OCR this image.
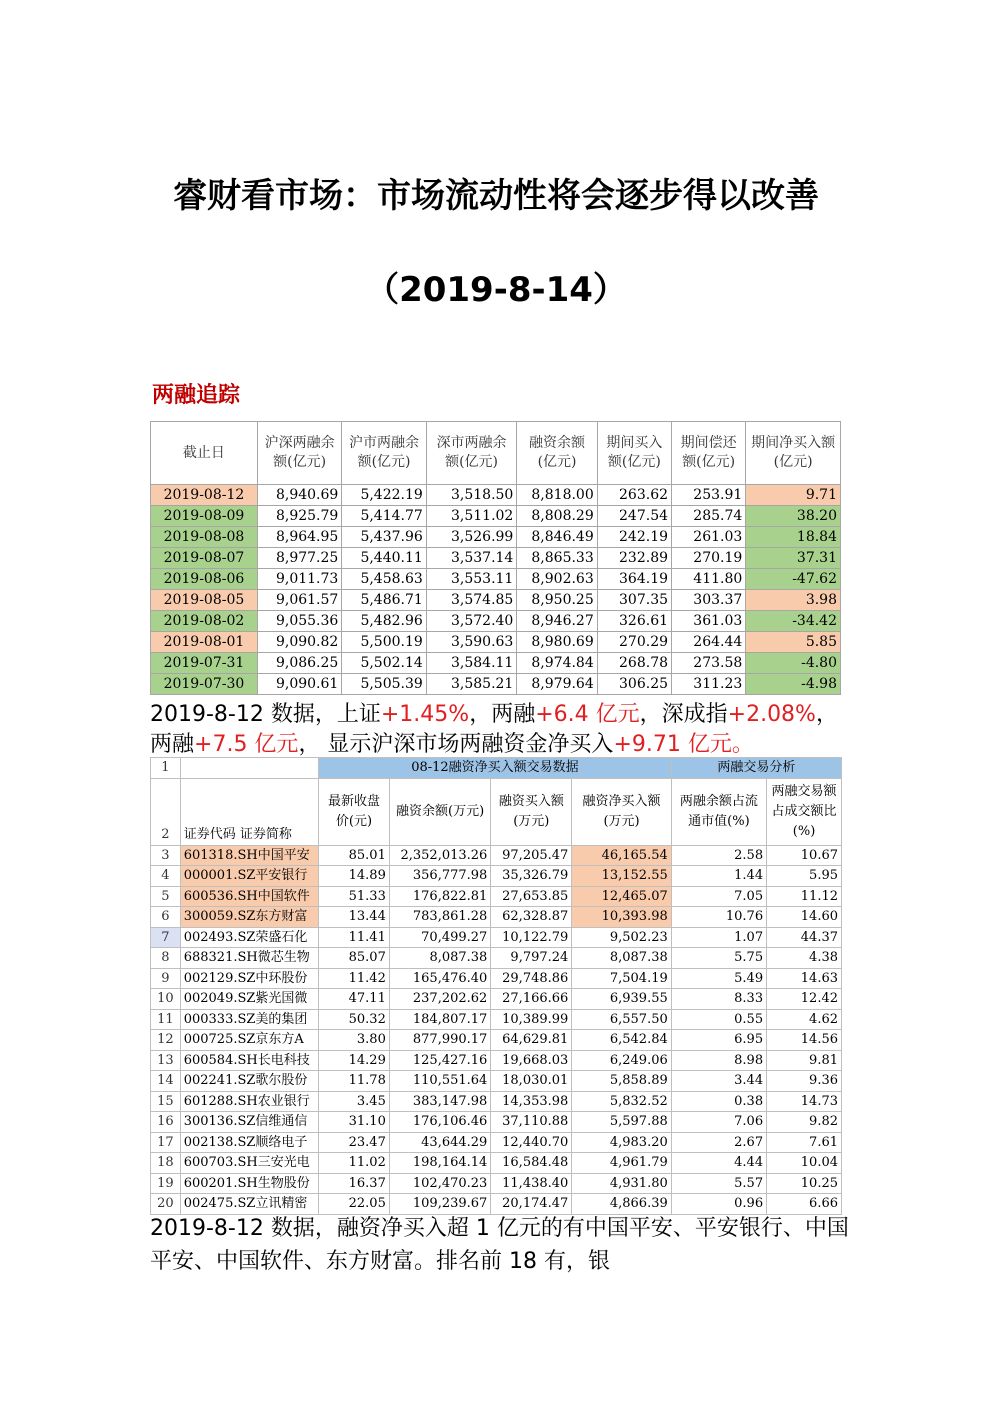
睿财看市场：市场流动性将会逐步得以改善
（2019-8-14）
两融追踪
截止日	沪深两融余额(亿元)	沪市两融余额(亿元)	深市两融余额(亿元)	融资余额(亿元)	期间买入额(亿元)	期间偿还额(亿元)	期间净买入额(亿元)
2019-08-12	8,940.69	5,422.19	3,518.50	8,818.00	263.62	253.91	9.71
2019-08-09	8,925.79	5,414.77	3,511.02	8,808.29	247.54	285.74	38.20
2019-08-08	8,964.95	5,437.96	3,526.99	8,846.49	242.19	261.03	18.84
2019-08-07	8,977.25	5,440.11	3,537.14	8,865.33	232.89	270.19	37.31
2019-08-06	9,011.73	5,458.63	3,553.11	8,902.63	364.19	411.80	-47.62
2019-08-05	9,061.57	5,486.71	3,574.85	8,950.25	307.35	303.37	3.98
2019-08-02	9,055.36	5,482.96	3,572.40	8,946.27	326.61	361.03	-34.42
2019-08-01	9,090.82	5,500.19	3,590.63	8,980.69	270.29	264.44	5.85
2019-07-31	9,086.25	5,502.14	3,584.11	8,974.84	268.78	273.58	-4.80
2019-07-30	9,090.61	5,505.39	3,585.21	8,979.64	306.25	311.23	-4.98
2019-8-12 数据，上证+1.45%，两融+6.4 亿元，深成指+2.08%，
两融+7.5 亿元， 显示沪深市场两融资金净买入+9.71 亿元。
1		08-12融资净买入额交易数据				两融交易分析	
2	证券代码 证券简称	最新收盘价(元)	融资余额(万元)	融资买入额(万元)	融资净买入额(万元)	两融余额占流通市值(%)	两融交易额占成交额比(%)
3	601318.SH中国平安	85.01	2,352,013.26	97,205.47	46,165.54	2.58	10.67
4	000001.SZ平安银行	14.89	356,777.98	35,326.79	13,152.55	1.44	5.95
5	600536.SH中国软件	51.33	176,822.81	27,653.85	12,465.07	7.05	11.12
6	300059.SZ东方财富	13.44	783,861.28	62,328.87	10,393.98	10.76	14.60
7	002493.SZ荣盛石化	11.41	70,499.27	10,122.79	9,502.23	1.07	44.37
8	688321.SH微芯生物	85.07	8,087.38	9,797.24	8,087.38	5.75	4.38
9	002129.SZ中环股份	11.42	165,476.40	29,748.86	7,504.19	5.49	14.63
10	002049.SZ紫光国微	47.11	237,202.62	27,166.66	6,939.55	8.33	12.42
11	000333.SZ美的集团	50.32	184,807.17	10,389.99	6,557.50	0.55	4.62
12	000725.SZ京东方A	3.80	877,990.17	64,629.81	6,542.84	6.95	14.56
13	600584.SH长电科技	14.29	125,427.16	19,668.03	6,249.06	8.98	9.81
14	002241.SZ歌尔股份	11.78	110,551.64	18,030.01	5,858.89	3.44	9.36
15	601288.SH农业银行	3.45	383,147.98	14,353.98	5,832.52	0.38	14.73
16	300136.SZ信维通信	31.10	176,106.46	37,110.88	5,597.88	7.06	9.82
17	002138.SZ顺络电子	23.47	43,644.29	12,440.70	4,983.20	2.67	7.61
18	600703.SH三安光电	11.02	198,164.14	16,584.48	4,961.79	4.44	10.04
19	600201.SH生物股份	16.37	102,470.23	11,438.40	4,931.80	5.57	10.25
20	002475.SZ立讯精密	22.05	109,239.67	20,174.47	4,866.39	0.96	6.66
2019-8-12 数据，融资净买入超 1 亿元的有中国平安、平安银行、中国平安、中国软件、东方财富。排名前 18 有，银
